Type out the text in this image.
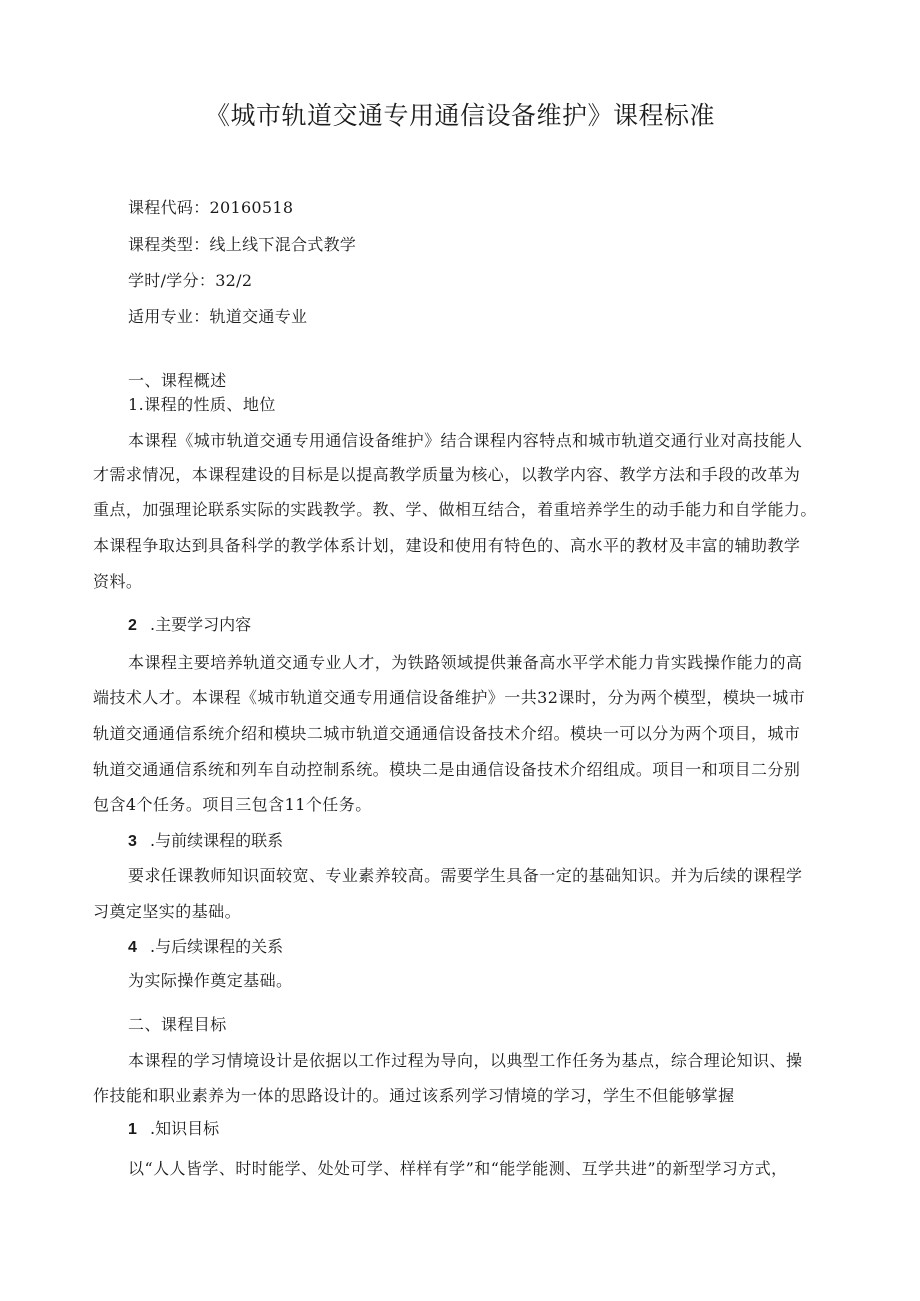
《城市轨道交通专用通信设备维护》课程标准
课程代码：20160518
课程类型：线上线下混合式教学
学时/学分：32/2
适用专业：轨道交通专业
一、课程概述
1.课程的性质、地位
本课程《城市轨道交通专用通信设备维护》结合课程内容特点和城市轨道交通行业对高技能人
才需求情况，本课程建设的目标是以提高教学质量为核心，以教学内容、教学方法和手段的改革为
重点，加强理论联系实际的实践教学。教、学、做相互结合，着重培养学生的动手能力和自学能力。
本课程争取达到具备科学的教学体系计划，建设和使用有特色的、高水平的教材及丰富的辅助教学
资料。
2 .主要学习内容
本课程主要培养轨道交通专业人才，为铁路领域提供兼备高水平学术能力肯实践操作能力的高
端技术人才。本课程《城市轨道交通专用通信设备维护》一共32课时，分为两个模型，模块一城市
轨道交通通信系统介绍和模块二城市轨道交通通信设备技术介绍。模块一可以分为两个项目，城市
轨道交通通信系统和列车自动控制系统。模块二是由通信设备技术介绍组成。项目一和项目二分别
包含4个任务。项目三包含11个任务。
3 .与前续课程的联系
要求任课教师知识面较宽、专业素养较高。需要学生具备一定的基础知识。并为后续的课程学
习奠定坚实的基础。
4 .与后续课程的关系
为实际操作奠定基础。
二、课程目标
本课程的学习情境设计是依据以工作过程为导向，以典型工作任务为基点，综合理论知识、操
作技能和职业素养为一体的思路设计的。通过该系列学习情境的学习，学生不但能够掌握
1 .知识目标
以“人人皆学、时时能学、处处可学、样样有学”和“能学能测、互学共进”的新型学习方式，
